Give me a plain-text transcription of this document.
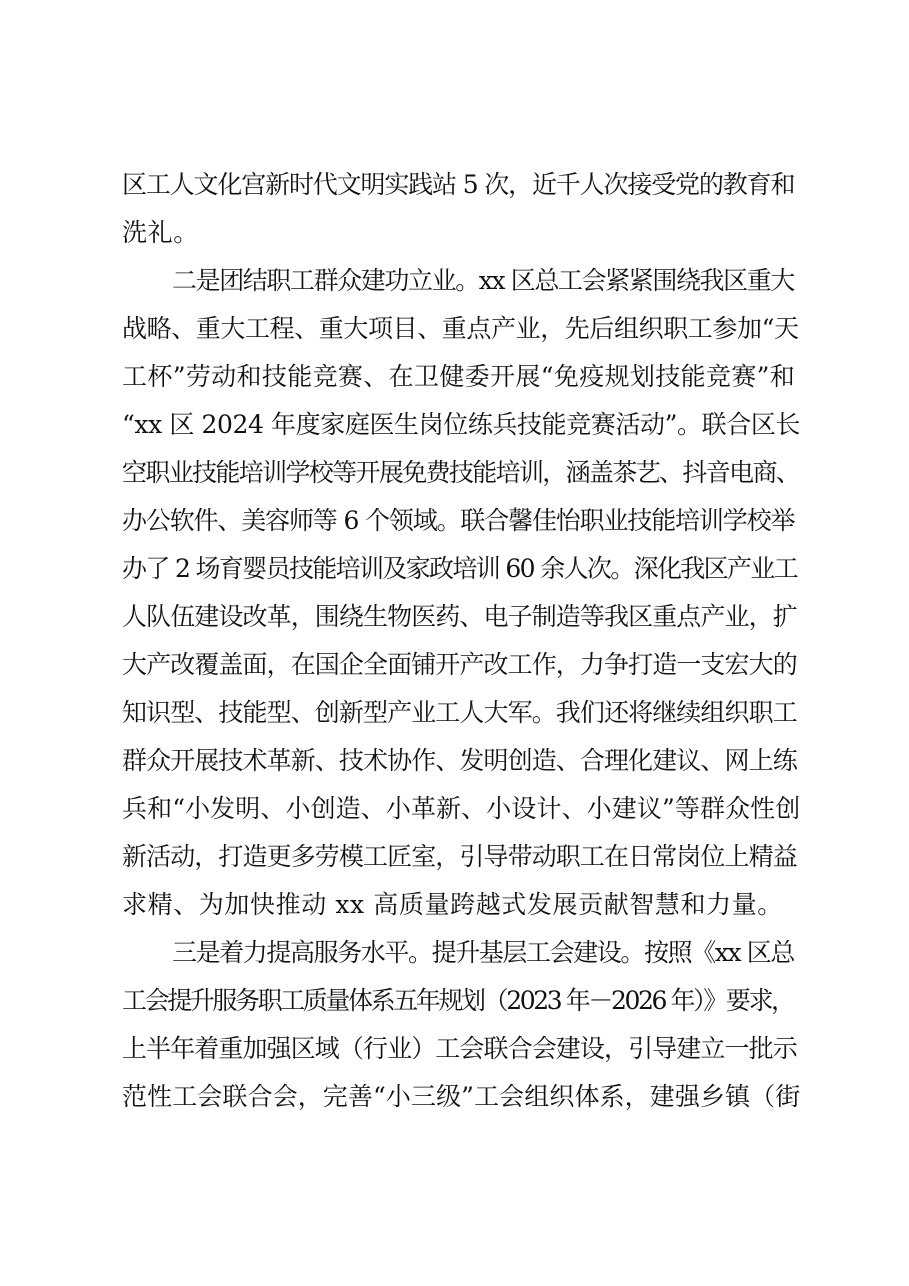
区工人文化宫新时代文明实践站 5 次，近千人次接受党的教育和
洗礼。
二是团结职工群众建功立业。xx 区总工会紧紧围绕我区重大
战略、重大工程、重大项目、重点产业，先后组织职工参加“天
工杯”劳动和技能竞赛、在卫健委开展“免疫规划技能竞赛”和
“xx 区 2024 年度家庭医生岗位练兵技能竞赛活动”。联合区长
空职业技能培训学校等开展免费技能培训，涵盖茶艺、抖音电商、
办公软件、美容师等 6 个领域。联合馨佳怡职业技能培训学校举
办了 2 场育婴员技能培训及家政培训 60 余人次。深化我区产业工
人队伍建设改革，围绕生物医药、电子制造等我区重点产业，扩
大产改覆盖面，在国企全面铺开产改工作，力争打造一支宏大的
知识型、技能型、创新型产业工人大军。我们还将继续组织职工
群众开展技术革新、技术协作、发明创造、合理化建议、网上练
兵和“小发明、小创造、小革新、小设计、小建议”等群众性创
新活动，打造更多劳模工匠室，引导带动职工在日常岗位上精益
求精、为加快推动 xx 高质量跨越式发展贡献智慧和力量。
三是着力提高服务水平。提升基层工会建设。按照《xx 区总
工会提升服务职工质量体系五年规划（2023 年－2026 年）》要求，
上半年着重加强区域（行业）工会联合会建设，引导建立一批示
范性工会联合会，完善“小三级”工会组织体系，建强乡镇（街
